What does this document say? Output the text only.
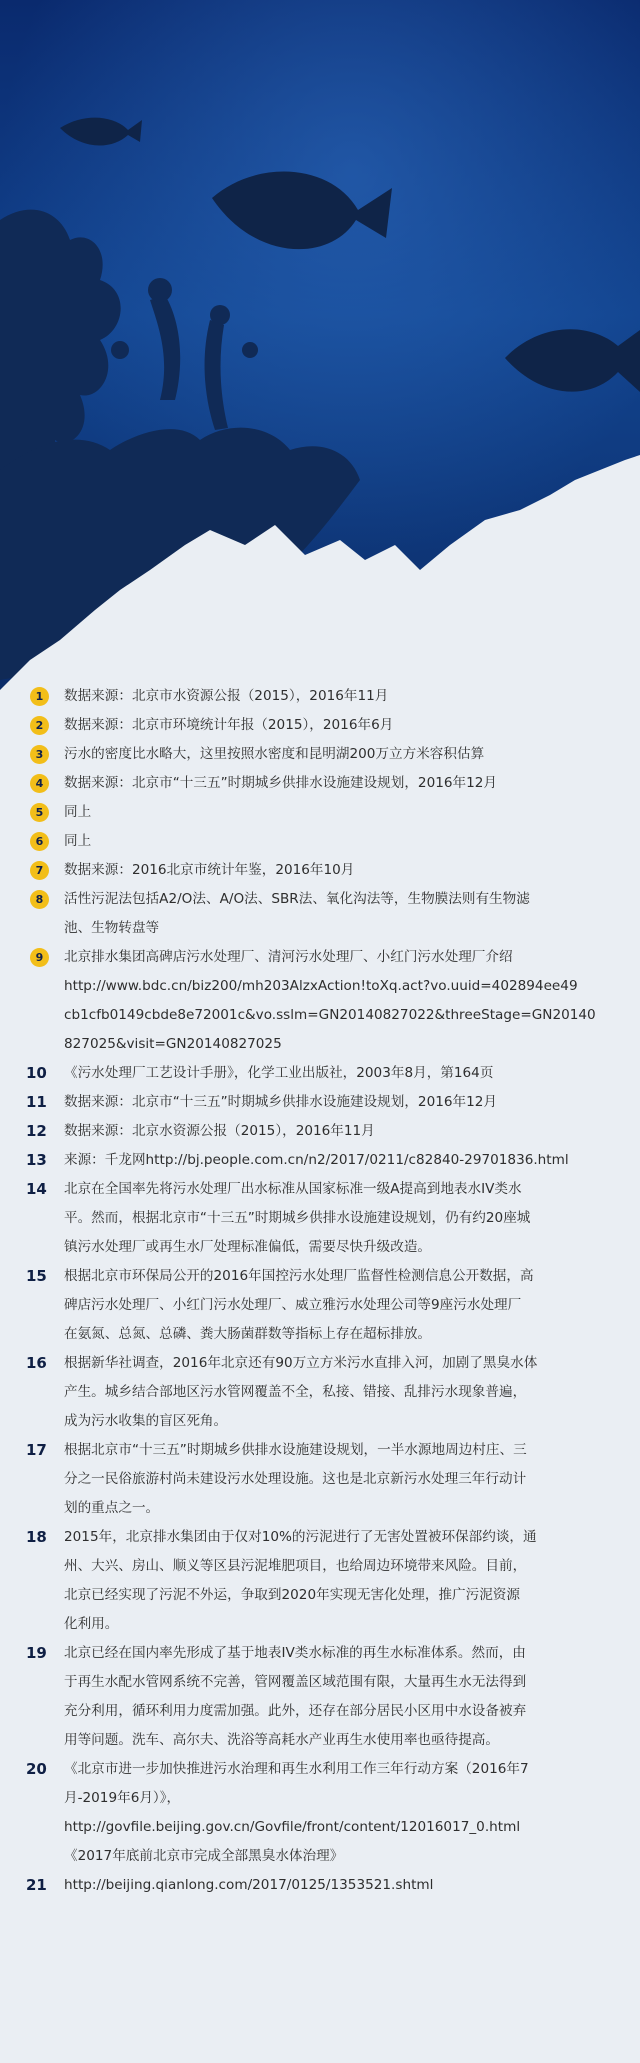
1	数据来源：北京市水资源公报（2015），2016年11月
2	数据来源：北京市环境统计年报（2015），2016年6月
3	污水的密度比水略大，这里按照水密度和昆明湖200万立方米容积估算
4	数据来源：北京市“十三五”时期城乡供排水设施建设规划，2016年12月
5	同上
6	同上
7	数据来源：2016北京市统计年鉴，2016年10月
8	活性污泥法包括A2/O法、A/O法、SBR法、氧化沟法等，生物膜法则有生物滤
池、生物转盘等
9	北京排水集团高碑店污水处理厂、清河污水处理厂、小红门污水处理厂介绍
http://www.bdc.cn/biz200/mh203AlzxAction!toXq.act?vo.uuid=402894ee49
cb1cfb0149cbde8e72001c&vo.sslm=GN20140827022&threeStage=GN20140
827025&visit=GN20140827025
10	《污水处理厂工艺设计手册》，化学工业出版社，2003年8月，第164页
11	数据来源：北京市“十三五”时期城乡供排水设施建设规划，2016年12月
12	数据来源：北京水资源公报（2015），2016年11月
13	来源：千龙网http://bj.people.com.cn/n2/2017/0211/c82840-29701836.html
14	北京在全国率先将污水处理厂出水标准从国家标准一级A提高到地表水IV类水
平。然而，根据北京市“十三五”时期城乡供排水设施建设规划，仍有约20座城
镇污水处理厂或再生水厂处理标准偏低，需要尽快升级改造。
15	根据北京市环保局公开的2016年国控污水处理厂监督性检测信息公开数据，高
碑店污水处理厂、小红门污水处理厂、威立雅污水处理公司等9座污水处理厂
在氨氮、总氮、总磷、粪大肠菌群数等指标上存在超标排放。
16	根据新华社调查，2016年北京还有90万立方米污水直排入河，加剧了黑臭水体
产生。城乡结合部地区污水管网覆盖不全，私接、错接、乱排污水现象普遍，
成为污水收集的盲区死角。
17	根据北京市“十三五”时期城乡供排水设施建设规划，一半水源地周边村庄、三
分之一民俗旅游村尚未建设污水处理设施。这也是北京新污水处理三年行动计
划的重点之一。
18	2015年，北京排水集团由于仅对10%的污泥进行了无害处置被环保部约谈，通
州、大兴、房山、顺义等区县污泥堆肥项目，也给周边环境带来风险。目前，
北京已经实现了污泥不外运，争取到2020年实现无害化处理，推广污泥资源
化利用。
19	北京已经在国内率先形成了基于地表IV类水标准的再生水标准体系。然而，由
于再生水配水管网系统不完善，管网覆盖区域范围有限，大量再生水无法得到
充分利用，循环利用力度需加强。此外，还存在部分居民小区用中水设备被弃
用等问题。洗车、高尔夫、洗浴等高耗水产业再生水使用率也亟待提高。
20	《北京市进一步加快推进污水治理和再生水利用工作三年行动方案（2016年7
月-2019年6月）》，
http://govfile.beijing.gov.cn/Govfile/front/content/12016017_0.html
《2017年底前北京市完成全部黑臭水体治理》
21	http://beijing.qianlong.com/2017/0125/1353521.shtml
